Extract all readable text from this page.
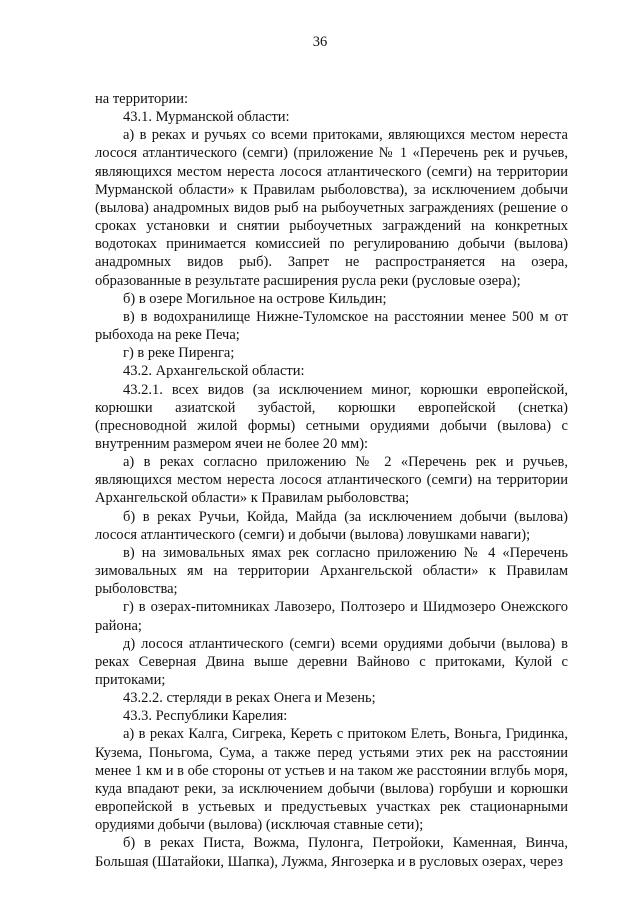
36

на территории:

43.1. Мурманской области:

а) в реках и ручьях со всеми притоками, являющихся местом нереста лосося атлантического (семги) (приложение № 1 «Перечень рек и ручьев, являющихся местом нереста лосося атлантического (семги) на территории Мурманской области» к Правилам рыболовства), за исключением добычи (вылова) анадромных видов рыб на рыбоучетных заграждениях (решение о сроках установки и снятии рыбоучетных заграждений на конкретных водотоках принимается комиссией по регулированию добычи (вылова) анадромных видов рыб). Запрет не распространяется на озера, образованные в результате расширения русла реки (русловые озера);

б) в озере Могильное на острове Кильдин;

в) в водохранилище Нижне-Туломское на расстоянии менее 500 м от рыбохода на реке Печа;

г) в реке Пиренга;

43.2. Архангельской области:

43.2.1. всех видов (за исключением миног, корюшки европейской, корюшки азиатской зубастой, корюшки европейской (снетка) (пресноводной жилой формы) сетными орудиями добычи (вылова) с внутренним размером ячеи не более 20 мм):

а) в реках согласно приложению № 2 «Перечень рек и ручьев, являющихся местом нереста лосося атлантического (семги) на территории Архангельской области» к Правилам рыболовства;

б) в реках Ручьи, Койда, Майда (за исключением добычи (вылова) лосося атлантического (семги) и добычи (вылова) ловушками наваги);

в) на зимовальных ямах рек согласно приложению № 4 «Перечень зимовальных ям на территории Архангельской области» к Правилам рыболовства;

г) в озерах-питомниках Лавозеро, Полтозеро и Шидмозеро Онежского района;

д) лосося атлантического (семги) всеми орудиями добычи (вылова) в реках Северная Двина выше деревни Вайново с притоками, Кулой с притоками;

43.2.2. стерляди в реках Онега и Мезень;

43.3. Республики Карелия:

а) в реках Калга, Сигрека, Кереть с притоком Елеть, Воньга, Гридинка, Кузема, Поньгома, Сума, а также перед устьями этих рек на расстоянии менее 1 км и в обе стороны от устьев и на таком же расстоянии вглубь моря, куда впадают реки, за исключением добычи (вылова) горбуши и корюшки европейской в устьевых и предустьевых участках рек стационарными орудиями добычи (вылова) (исключая ставные сети);

б) в реках Писта, Вожма, Пулонга, Петройоки, Каменная, Винча, Большая (Шатайоки, Шапка), Лужма, Янгозерка и в русловых озерах, через
